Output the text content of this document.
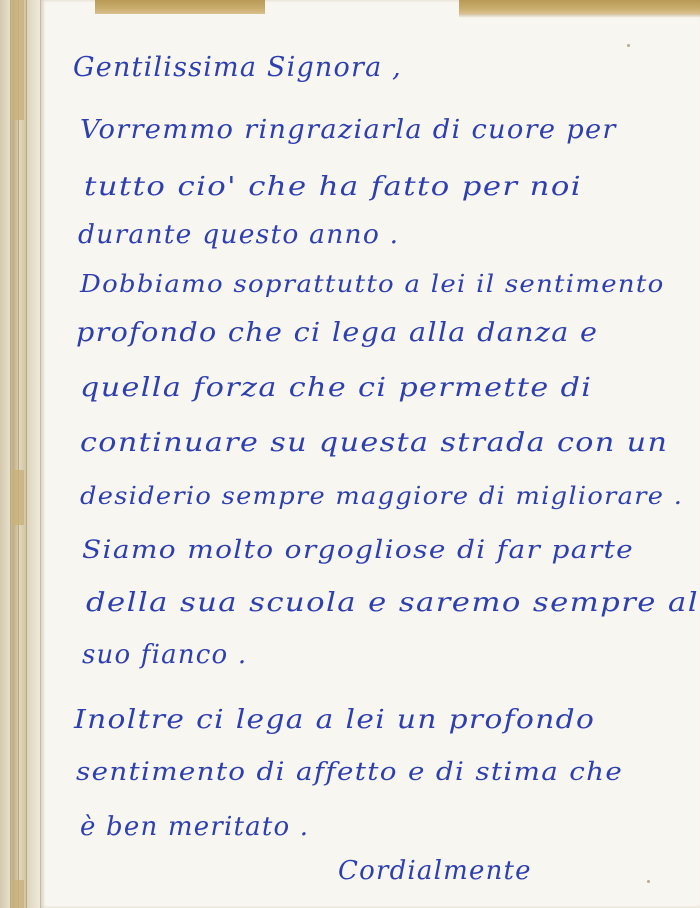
Gentilissima Signora ,
Vorremmo ringraziarla di cuore per
tutto cio' che ha fatto per noi
durante questo anno .
Dobbiamo soprattutto a lei il sentimento
profondo che ci lega alla danza e
quella forza che ci permette di
continuare su questa strada con un
desiderio sempre maggiore di migliorare .
Siamo molto orgogliose di far parte
della sua scuola e saremo sempre al
suo fianco .
Inoltre ci lega a lei un profondo
sentimento di affetto e di stima che
è ben meritato .
Cordialmente
